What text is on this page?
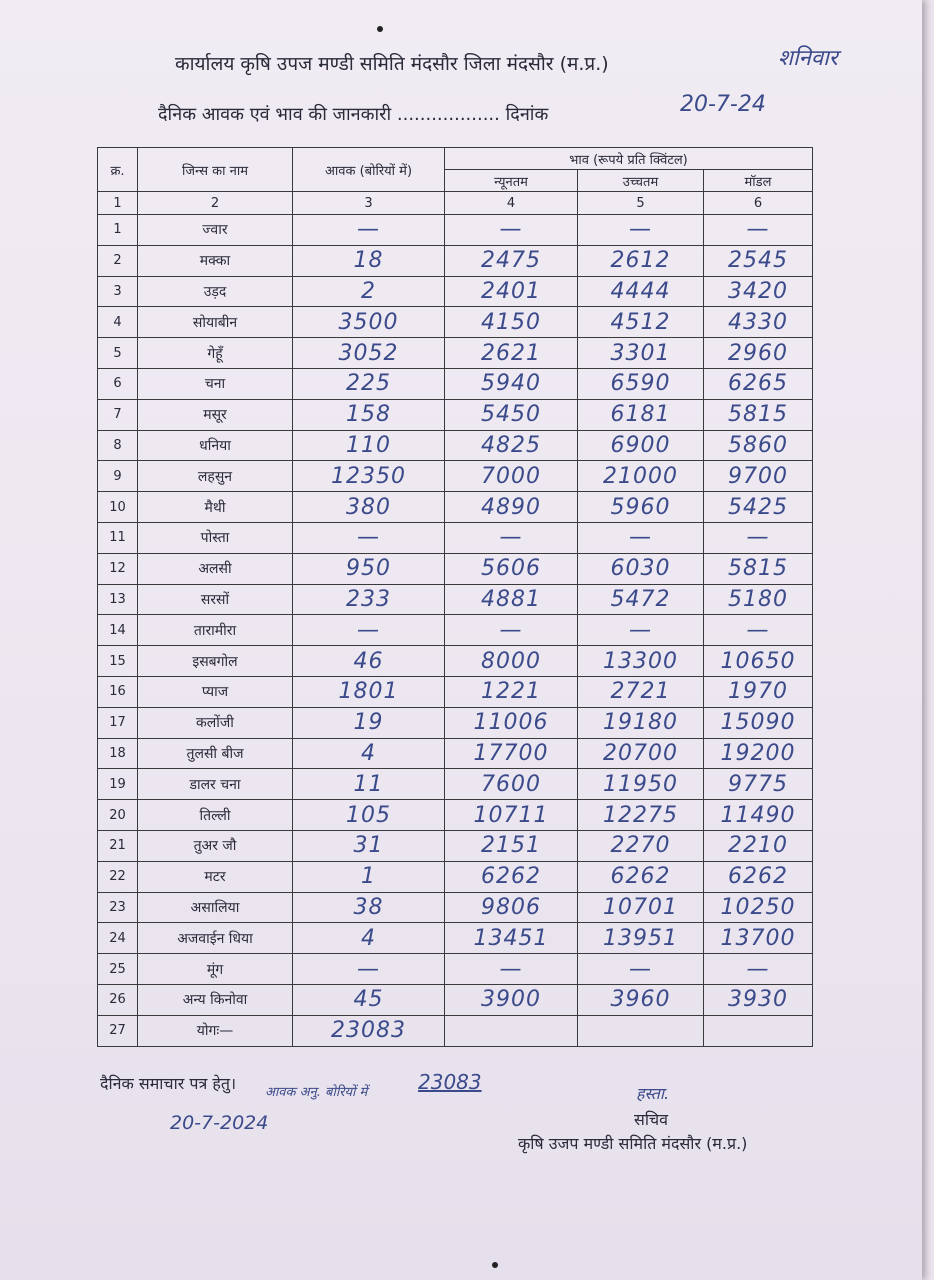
कार्यालय कृषि उपज मण्डी समिति मंदसौर जिला मंदसौर (म.प्र.)	शनिवार
दैनिक आवक एवं भाव की जानकारी .................. दिनांक	20-7-24
क्र.	जिन्स का नाम	आवक (बोरियों में)	भाव (रूपये प्रति क्विंटल)		
			न्यूनतम	उच्चतम	मॉडल
1	2	3	4	5	6
1	ज्वार	—	—	—	—
2	मक्का	18	2475	2612	2545
3	उड़द	2	2401	4444	3420
4	सोयाबीन	3500	4150	4512	4330
5	गेहूँ	3052	2621	3301	2960
6	चना	225	5940	6590	6265
7	मसूर	158	5450	6181	5815
8	धनिया	110	4825	6900	5860
9	लहसुन	12350	7000	21000	9700
10	मैथी	380	4890	5960	5425
11	पोस्ता	—	—	—	—
12	अलसी	950	5606	6030	5815
13	सरसों	233	4881	5472	5180
14	तारामीरा	—	—	—	—
15	इसबगोल	46	8000	13300	10650
16	प्याज	1801	1221	2721	1970
17	कलोंजी	19	11006	19180	15090
18	तुलसी बीज	4	17700	20700	19200
19	डालर चना	11	7600	11950	9775
20	तिल्ली	105	10711	12275	11490
21	तुअर जौ	31	2151	2270	2210
22	मटर	1	6262	6262	6262
23	असालिया	38	9806	10701	10250
24	अजवाईन धिया	4	13451	13951	13700
25	मूंग	—	—	—	—
26	अन्य किनोवा	45	3900	3960	3930
27	योगः—	23083			
दैनिक समाचार पत्र हेतु। आवक अनु. बोरियों में	23083
20-7-2024
हस्ता.
सचिव
कृषि उजप मण्डी समिति मंदसौर (म.प्र.)
